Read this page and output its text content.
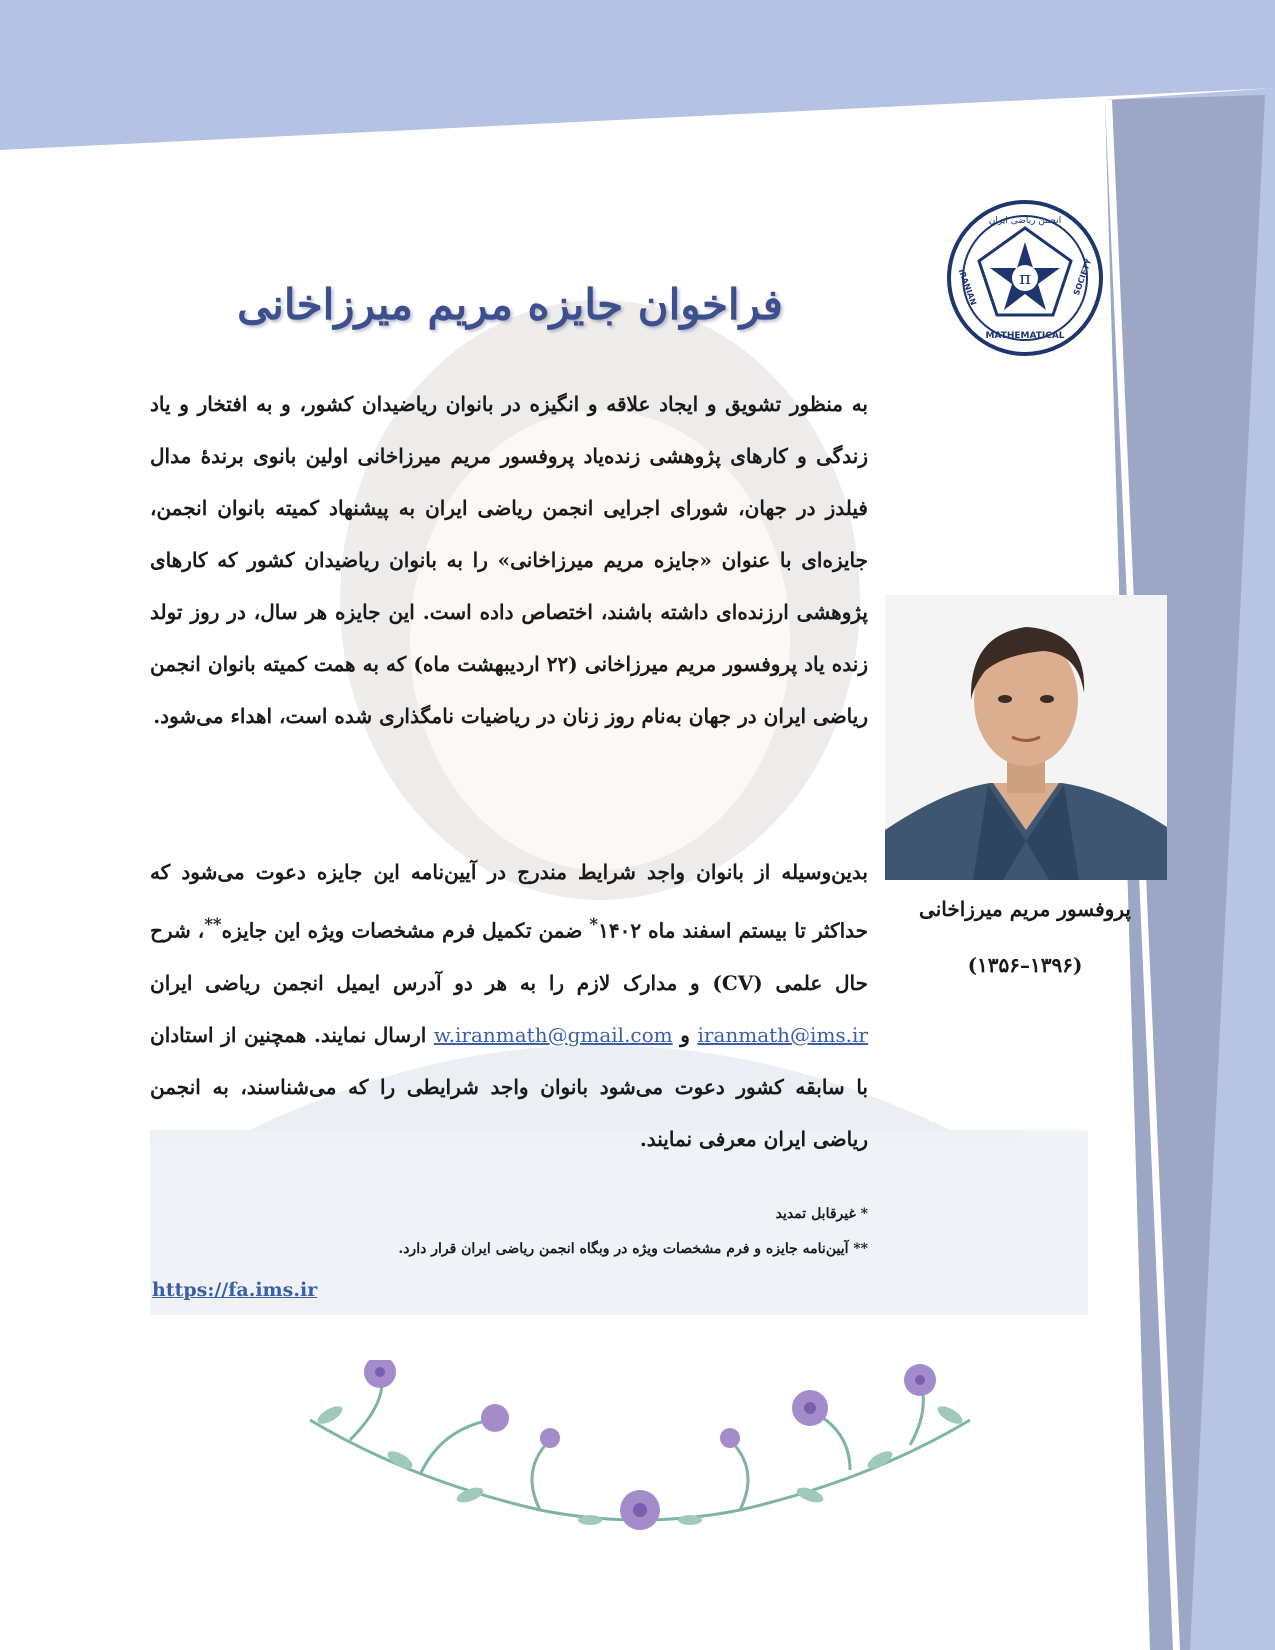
π
انجمن ریاضی ایران
IRANIAN	SOCIETY
MATHEMATICAL
فراخوان جایزه مریم میرزاخانی

به منظور تشویق و ایجاد علاقه و انگیزه در بانوان ریاضیدان کشور، و به افتخار و یاد زندگی و کارهای پژوهشی زنده‌یاد پروفسور مریم میرزاخانی اولین بانوی برندۀ مدال فیلدز در جهان، شورای اجرایی انجمن ریاضی ایران به پیشنهاد کمیته بانوان انجمن، جایزه‌ای با عنوان «جایزه مریم میرزاخانی» را به بانوان ریاضیدان کشور که کارهای پژوهشی ارزنده‌ای داشته باشند، اختصاص داده است. این جایزه هر سال، در روز تولد زنده یاد پروفسور مریم میرزاخانی (۲۲ اردیبهشت ماه) که به همت کمیته بانوان انجمن ریاضی ایران در جهان به‌نام روز زنان در ریاضیات نامگذاری شده است، اهداء می‌شود.

بدین‌وسیله از بانوان واجد شرایط مندرج در آیین‌نامه این جایزه دعوت می‌شود که حداکثر تا بیستم اسفند ماه ۱۴۰۲* ضمن تکمیل فرم مشخصات ویژه این جایزه**، شرح حال علمی (CV) و مدارک لازم را به هر دو آدرس ایمیل انجمن ریاضی ایران iranmath@ims.ir و w.iranmath@gmail.com ارسال نمایند. همچنین از استادان با سابقه کشور دعوت می‌شود بانوان واجد شرایطی را که می‌شناسند، به انجمن ریاضی ایران معرفی نمایند.

* غیرقابل تمدید

** آیین‌نامه جایزه و فرم مشخصات ویژه در وبگاه انجمن ریاضی ایران قرار دارد.

https://fa.ims.ir

پروفسور مریم میرزاخانی

(۱۳۹۶–۱۳۵۶)
